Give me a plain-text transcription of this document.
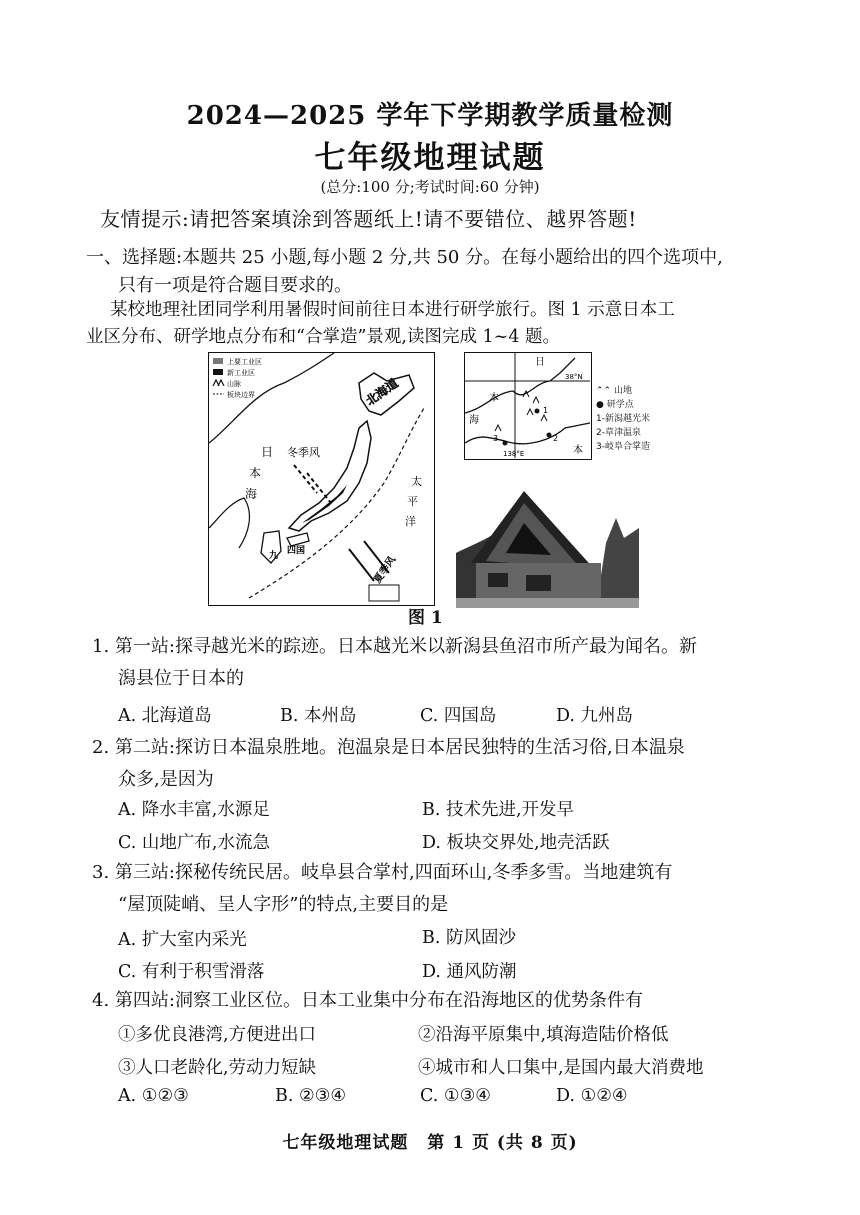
2024—2025 学年下学期教学质量检测
七年级地理试题
(总分:100 分;考试时间:60 分钟)
友情提示:请把答案填涂到答题纸上!请不要错位、越界答题!
一、选择题:本题共 25 小题,每小题 2 分,共 50 分。在每小题给出的四个选项中,
只有一项是符合题目要求的。
某校地理社团同学利用暑假时间前往日本进行研学旅行。图 1 示意日本工
业区分布、研学地点分布和“合掌造”景观,读图完成 1~4 题。
上要工业区
新工业区
山脉
板块边界	北海道
日
本
海
冬季风
太
平
洋
夏季风
九 四国
1
2
3
日
本
海
本
38°N
138°E
⌃⌃ 山地
● 研学点
1-新潟越光米
2-草津温泉
3-岐阜合掌造
图 1
1. 第一站:探寻越光米的踪迹。日本越光米以新潟县鱼沼市所产最为闻名。新
潟县位于日本的
A. 北海道岛	B. 本州岛	C. 四国岛	D. 九州岛
2. 第二站:探访日本温泉胜地。泡温泉是日本居民独特的生活习俗,日本温泉
众多,是因为
A. 降水丰富,水源足	B. 技术先进,开发早
C. 山地广布,水流急	D. 板块交界处,地壳活跃
3. 第三站:探秘传统民居。岐阜县合掌村,四面环山,冬季多雪。当地建筑有
“屋顶陡峭、呈人字形”的特点,主要目的是
A. 扩大室内采光	B. 防风固沙
C. 有利于积雪滑落	D. 通风防潮
4. 第四站:洞察工业区位。日本工业集中分布在沿海地区的优势条件有
①多优良港湾,方便进出口	②沿海平原集中,填海造陆价格低
③人口老龄化,劳动力短缺	④城市和人口集中,是国内最大消费地
A. ①②③	B. ②③④	C. ①③④	D. ①②④
七年级地理试题 第 1 页 (共 8 页)
